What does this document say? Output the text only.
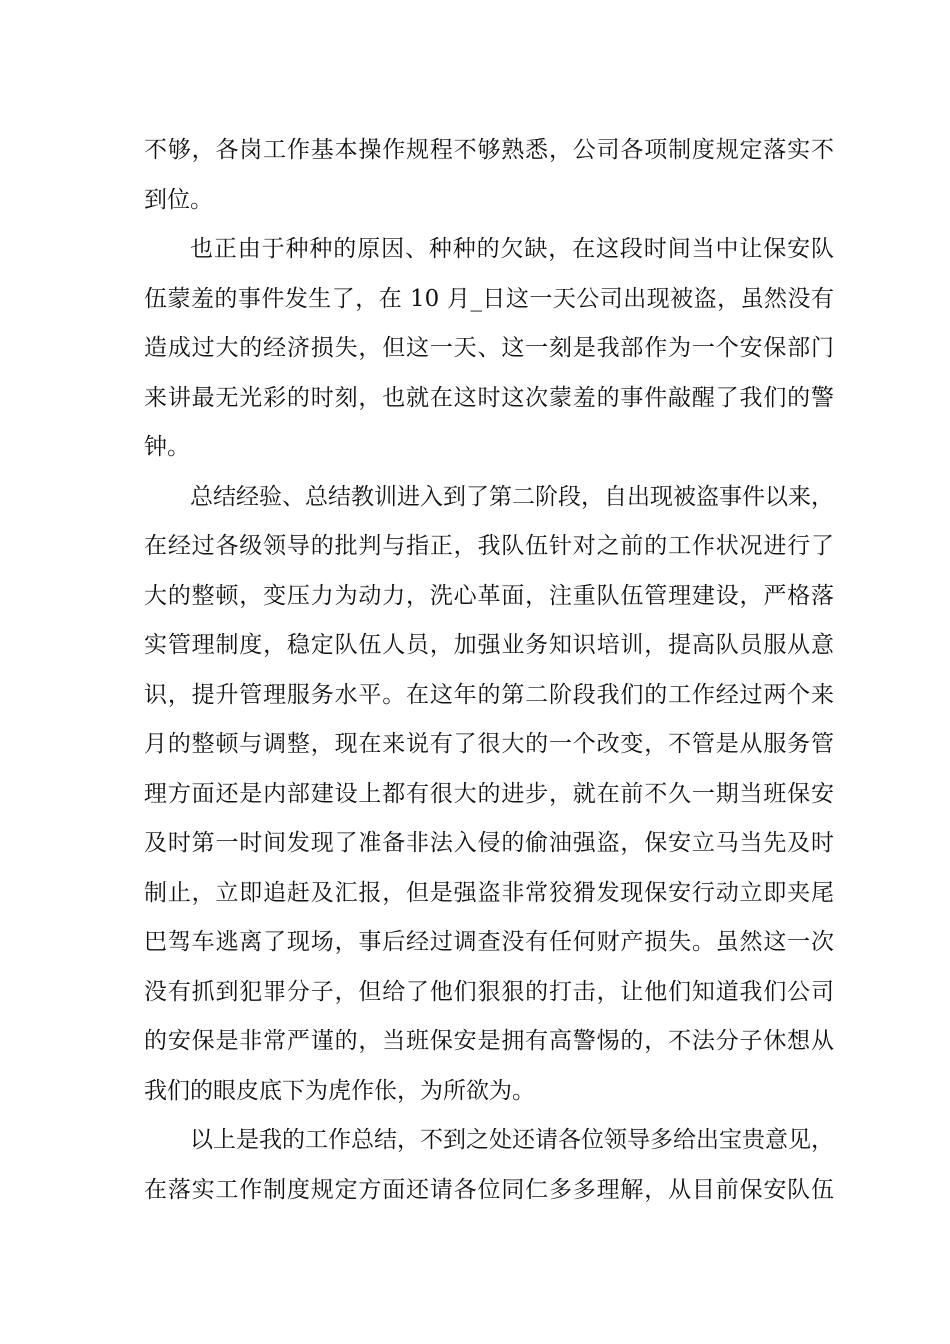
不够，各岗工作基本操作规程不够熟悉，公司各项制度规定落实不
到位。
也正由于种种的原因、种种的欠缺，在这段时间当中让保安队
伍蒙羞的事件发生了，在 10 月_日这一天公司出现被盗，虽然没有
造成过大的经济损失，但这一天、这一刻是我部作为一个安保部门
来讲最无光彩的时刻，也就在这时这次蒙羞的事件敲醒了我们的警
钟。
总结经验、总结教训进入到了第二阶段，自出现被盗事件以来，
在经过各级领导的批判与指正，我队伍针对之前的工作状况进行了
大的整顿，变压力为动力，洗心革面，注重队伍管理建设，严格落
实管理制度，稳定队伍人员，加强业务知识培训，提高队员服从意
识，提升管理服务水平。在这年的第二阶段我们的工作经过两个来
月的整顿与调整，现在来说有了很大的一个改变，不管是从服务管
理方面还是内部建设上都有很大的进步，就在前不久一期当班保安
及时第一时间发现了准备非法入侵的偷油强盗，保安立马当先及时
制止，立即追赶及汇报，但是强盗非常狡猾发现保安行动立即夹尾
巴驾车逃离了现场，事后经过调查没有任何财产损失。虽然这一次
没有抓到犯罪分子，但给了他们狠狠的打击，让他们知道我们公司
的安保是非常严谨的，当班保安是拥有高警惕的，不法分子休想从
我们的眼皮底下为虎作伥，为所欲为。
以上是我的工作总结，不到之处还请各位领导多给出宝贵意见，
在落实工作制度规定方面还请各位同仁多多理解，从目前保安队伍
